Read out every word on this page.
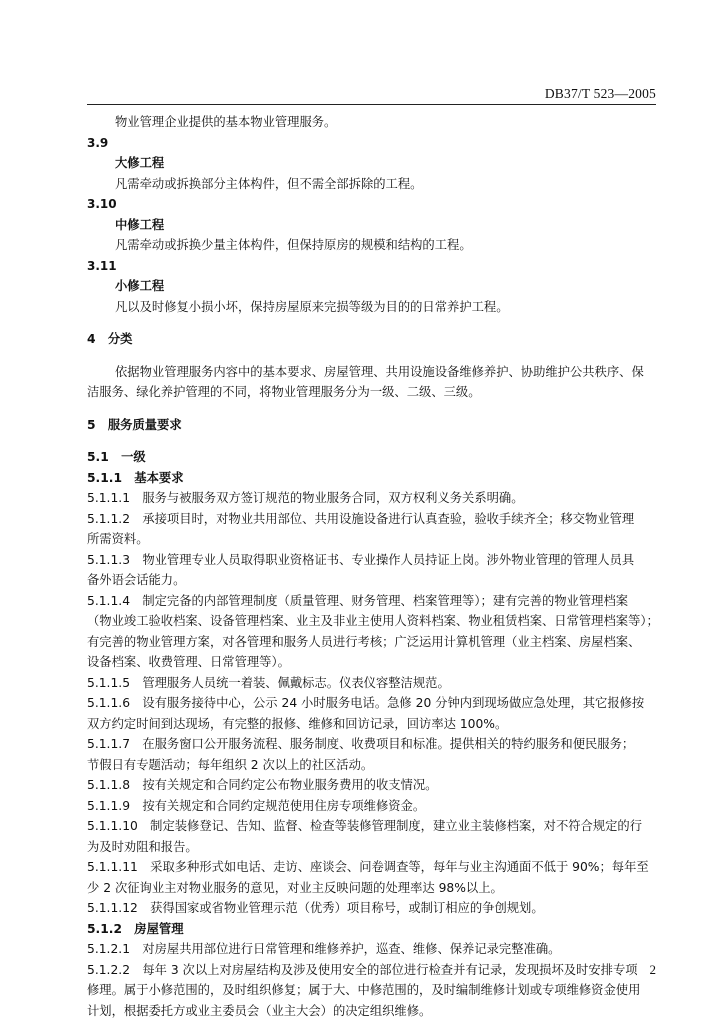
DB37/T 523—2005
物业管理企业提供的基本物业管理服务。
3.9
大修工程
凡需牵动或拆换部分主体构件，但不需全部拆除的工程。
3.10
中修工程
凡需牵动或拆换少量主体构件，但保持原房的规模和结构的工程。
3.11
小修工程
凡以及时修复小损小坏，保持房屋原来完损等级为目的的日常养护工程。
4　分类
依据物业管理服务内容中的基本要求、房屋管理、共用设施设备维修养护、协助维护公共秩序、保
洁服务、绿化养护管理的不同，将物业管理服务分为一级、二级、三级。
5　服务质量要求
5.1　一级
5.1.1　基本要求
5.1.1.1　服务与被服务双方签订规范的物业服务合同，双方权利义务关系明确。
5.1.1.2　承接项目时，对物业共用部位、共用设施设备进行认真查验，验收手续齐全；移交物业管理
所需资料。
5.1.1.3　物业管理专业人员取得职业资格证书、专业操作人员持证上岗。涉外物业管理的管理人员具
备外语会话能力。
5.1.1.4　制定完备的内部管理制度（质量管理、财务管理、档案管理等）；建有完善的物业管理档案
（物业竣工验收档案、设备管理档案、业主及非业主使用人资料档案、物业租赁档案、日常管理档案等）；
有完善的物业管理方案，对各管理和服务人员进行考核；广泛运用计算机管理（业主档案、房屋档案、
设备档案、收费管理、日常管理等）。
5.1.1.5　管理服务人员统一着装、佩戴标志。仪表仪容整洁规范。
5.1.1.6　设有服务接待中心，公示 24 小时服务电话。急修 20 分钟内到现场做应急处理，其它报修按
双方约定时间到达现场，有完整的报修、维修和回访记录，回访率达 100%。
5.1.1.7　在服务窗口公开服务流程、服务制度、收费项目和标准。提供相关的特约服务和便民服务；
节假日有专题活动；每年组织 2 次以上的社区活动。
5.1.1.8　按有关规定和合同约定公布物业服务费用的收支情况。
5.1.1.9　按有关规定和合同约定规范使用住房专项维修资金。
5.1.1.10　制定装修登记、告知、监督、检查等装修管理制度，建立业主装修档案，对不符合规定的行
为及时劝阻和报告。
5.1.1.11　采取多种形式如电话、走访、座谈会、问卷调查等，每年与业主沟通面不低于 90%；每年至
少 2 次征询业主对物业服务的意见，对业主反映问题的处理率达 98%以上。
5.1.1.12　获得国家或省物业管理示范（优秀）项目称号，或制订相应的争创规划。
5.1.2　房屋管理
5.1.2.1　对房屋共用部位进行日常管理和维修养护，巡查、维修、保养记录完整准确。
5.1.2.2　每年 3 次以上对房屋结构及涉及使用安全的部位进行检查并有记录，发现损坏及时安排专项
修理。属于小修范围的，及时组织修复；属于大、中修范围的，及时编制维修计划或专项维修资金使用
计划，根据委托方或业主委员会（业主大会）的决定组织维修。
2
